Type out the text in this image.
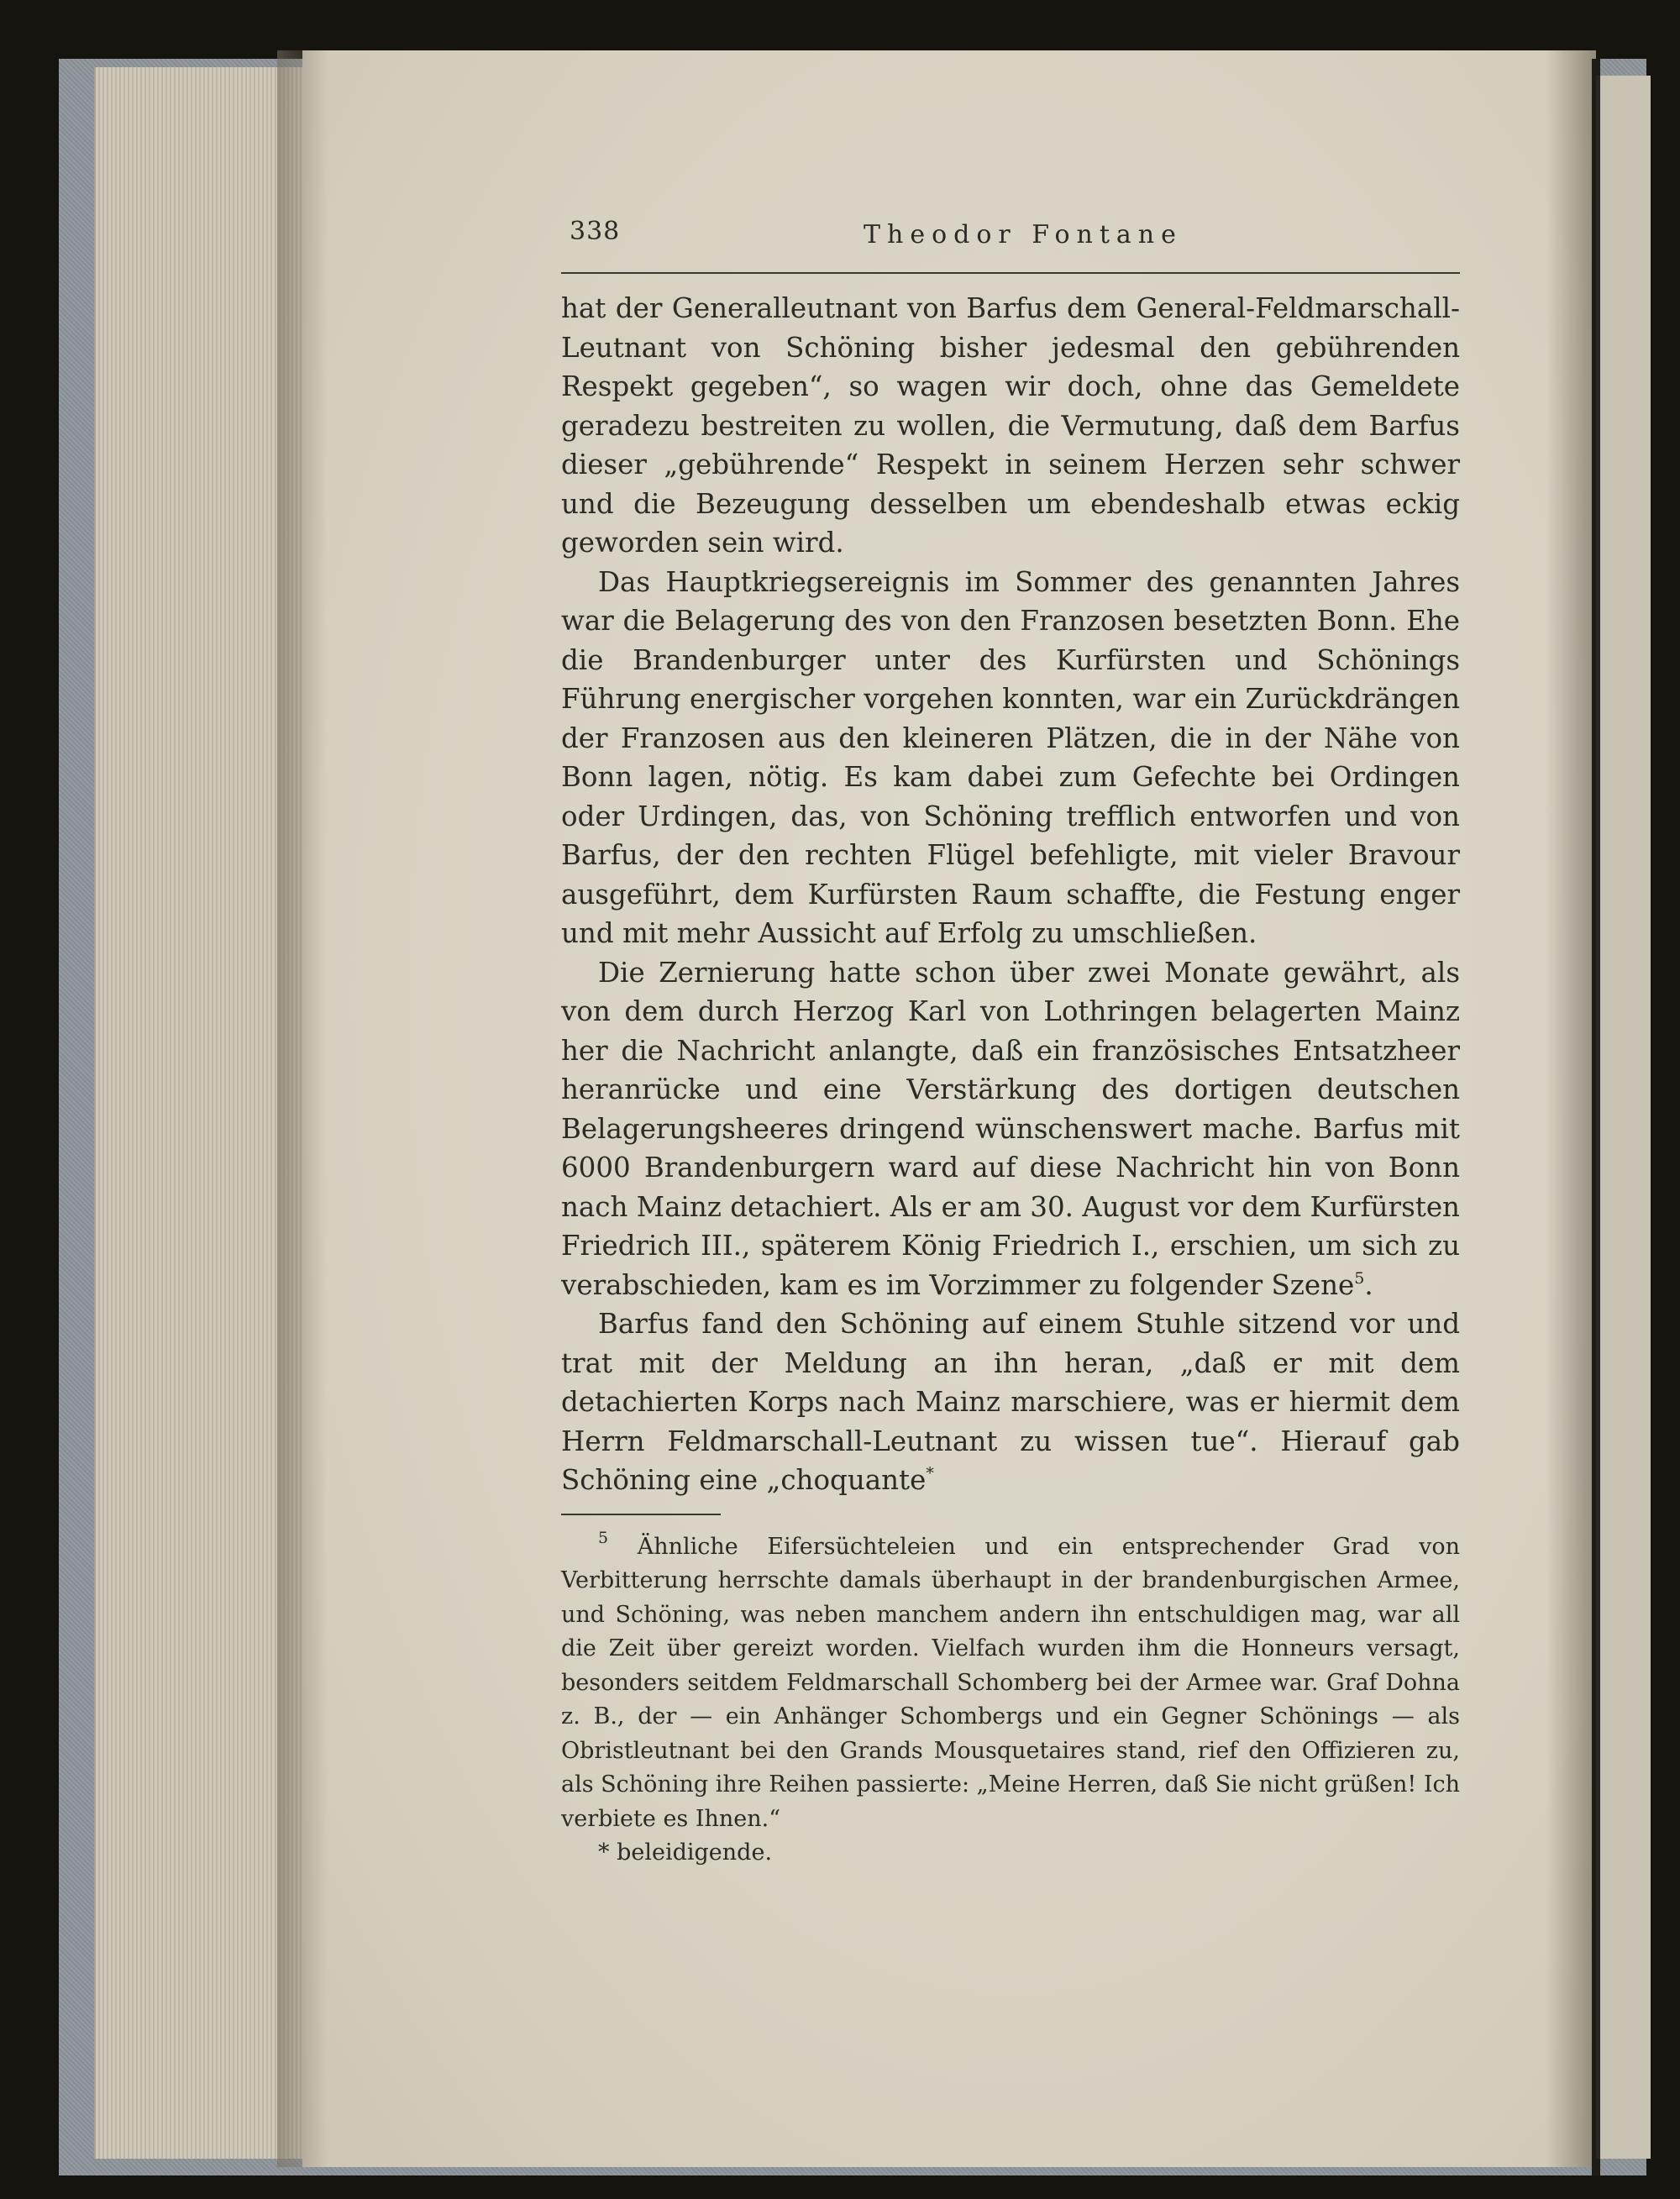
338	Theodor Fontane

hat der Generalleutnant von Barfus dem General-Feldmarschall-Leutnant von Schöning bisher jedesmal den gebührenden Respekt gegeben“, so wagen wir doch, ohne das Gemeldete geradezu bestreiten zu wollen, die Vermutung, daß dem Barfus dieser „gebührende“ Respekt in seinem Herzen sehr schwer und die Bezeugung desselben um ebendeshalb etwas eckig geworden sein wird.

Das Hauptkriegsereignis im Sommer des genannten Jahres war die Belagerung des von den Franzosen besetzten Bonn. Ehe die Brandenburger unter des Kurfürsten und Schönings Führung energischer vorgehen konnten, war ein Zurückdrängen der Franzosen aus den kleineren Plätzen, die in der Nähe von Bonn lagen, nötig. Es kam dabei zum Gefechte bei Ordingen oder Urdingen, das, von Schöning trefflich entworfen und von Barfus, der den rechten Flügel befehligte, mit vieler Bravour ausgeführt, dem Kurfürsten Raum schaffte, die Festung enger und mit mehr Aussicht auf Erfolg zu umschließen.

Die Zernierung hatte schon über zwei Monate gewährt, als von dem durch Herzog Karl von Lothringen belagerten Mainz her die Nachricht anlangte, daß ein französisches Entsatzheer heranrücke und eine Verstärkung des dortigen deutschen Belagerungsheeres dringend wünschenswert mache. Barfus mit 6000 Brandenburgern ward auf diese Nachricht hin von Bonn nach Mainz detachiert. Als er am 30. August vor dem Kurfürsten Friedrich III., späterem König Friedrich I., erschien, um sich zu verabschieden, kam es im Vorzimmer zu folgender Szene$^5$.

Barfus fand den Schöning auf einem Stuhle sitzend vor und trat mit der Meldung an ihn heran, „daß er mit dem detachierten Korps nach Mainz marschiere, was er hiermit dem Herrn Feldmarschall-Leutnant zu wissen tue“. Hierauf gab Schöning eine „choquante*

$^5$ Ähnliche Eifersüchteleien und ein entsprechender Grad von Verbitterung herrschte damals überhaupt in der brandenburgischen Armee, und Schöning, was neben manchem andern ihn entschuldigen mag, war all die Zeit über gereizt worden. Vielfach wurden ihm die Honneurs versagt, besonders seitdem Feldmarschall Schomberg bei der Armee war. Graf Dohna z. B., der — ein Anhänger Schombergs und ein Gegner Schönings — als Obristleutnant bei den Grands Mousquetaires stand, rief den Offizieren zu, als Schöning ihre Reihen passierte: „Meine Herren, daß Sie nicht grüßen! Ich verbiete es Ihnen.“

* beleidigende.
